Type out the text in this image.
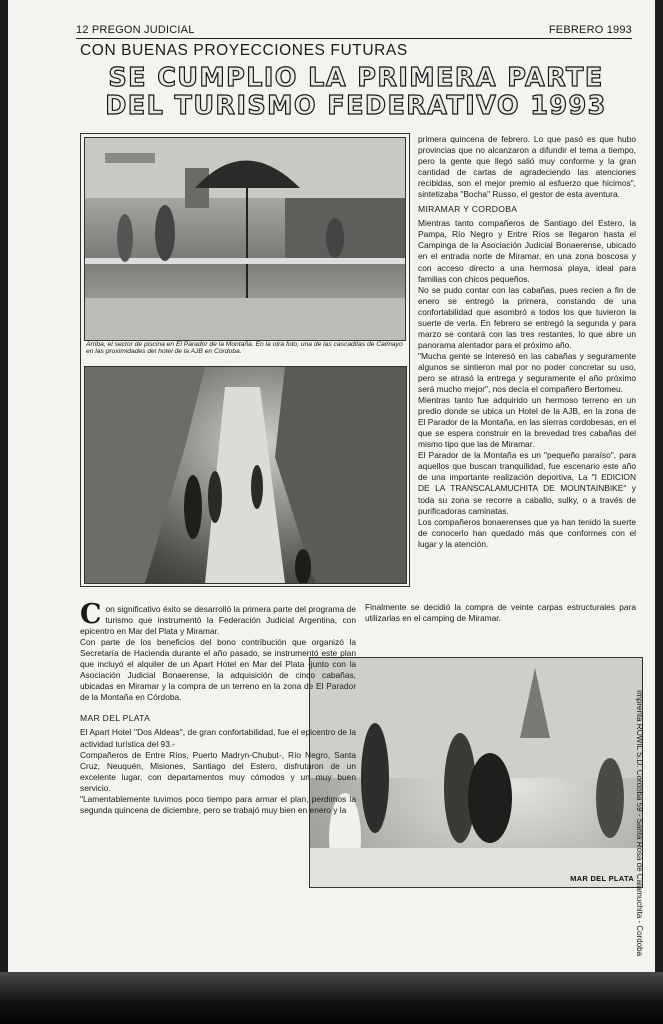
12 PREGON JUDICIAL	FEBRERO 1993
CON BUENAS PROYECCIONES FUTURAS
SE CUMPLIO LA PRIMERA PARTE
DEL TURISMO FEDERATIVO 1993
Arriba, el sector de piscina en El Parador de la Montaña. En la otra foto, una de las cascaditas de Calmayo en las proximidades del hotel de la AJB en Córdoba.
MAR DEL PLATA

primera quincena de febrero. Lo que pasó es que hubo provincias que no alcanzaron a difundir el tema a tiempo, pero la gente que llegó salió muy conforme y la gran cantidad de cartas de agradeciendo las atenciones recibidas, son el mejor premio al esfuerzo que hicimos", sintetizaba "Bocha" Russo, el gestor de esta aventura.

MIRAMAR Y CORDOBA

Mientras tanto compañeros de Santiago del Estero, la Pampa, Río Negro y Entre Ríos se llegaron hasta el Campinga de la Asociación Judicial Bonaerense, ubicado en el entrada norte de Miramar, en una zona boscosa y con acceso directo a una hermosa playa, ideal para familias con chicos pequeños.

No se pudo contar con las cabañas, pues recien a fin de enero se entregó la primera, constando de una confortabilidad que asombró a todos los que tuvieron la suerte de verla. En febrero se entregó la segunda y para marzo se contará con las tres restantes, lo que abre un panorama alentador para el próximo año.

"Mucha gente se interesó en las cabañas y seguramente algunos se sintieron mal por no poder concretar su uso, pero se atrasó la entrega y seguramente el año próximo será mucho mejor", nos decía el compañero Bertomeu.

Mientras tanto fue adquirido un hermoso terreno en un predio donde se ubica un Hotel de la AJB, en la zona de El Parador de la Montaña, en las sierras cordobesas, en el que se espera construir en la brevedad tres cabañas del mismo tipo que las de Miramar.

El Parador de la Montaña es un "pequeño paraíso", para aquellos que buscan tranquilidad, fue escenario este año de una importante realización deportiva, La "I EDICION DE LA TRANSCALAMUCHITA DE MOUNTAINBIKE" y toda su zona se recorre a caballo, sulky, o a través de purificadoras caminatas.

Los compañeros bonaerenses que ya han tenido la suerte de conocerlo han quedado más que conformes con el lugar y la atención.

Finalmente se decidió la compra de veinte carpas estructurales para utilizarlas en el camping de Miramar.

Con significativo éxito se desarrolló la primera parte del programa de turismo que instrumentó la Federación Judicial Argentina, con epicentro en Mar del Plata y Miramar.

Con parte de los beneficios del bono contribución que organizó la Secretaría de Hacienda durante el año pasado, se instrumentó este plan que incluyó el alquiler de un Apart Hotel en Mar del Plata -junto con la Asociación Judicial Bonaerense, la adquisición de cinco cabañas, ubicadas en Miramar y la compra de un terreno en la zona de El Parador de la Montaña en Córdoba.

MAR DEL PLATA

El Apart Hotel ''Dos Aldeas'', de gran confortabilidad, fue el epicentro de la actividad turística del 93.-

Compañeros de Entre Ríos, Puerto Madryn-Chubut-, Río Negro, Santa Cruz, Neuquén, Misiones, Santiago del Estero, disfrutaron de un excelente lugar, con departamentos muy cómodos y un muy buen servicio.

"Lamentablemente tuvimos poco tiempo para armar el plan, perdimos la segunda quincena de diciembre, pero se trabajó muy bien en enero y la	Imprenta ROWIL S.D. Cordoba 59 - Santa Rosa de Calamuchita - Cordoba
